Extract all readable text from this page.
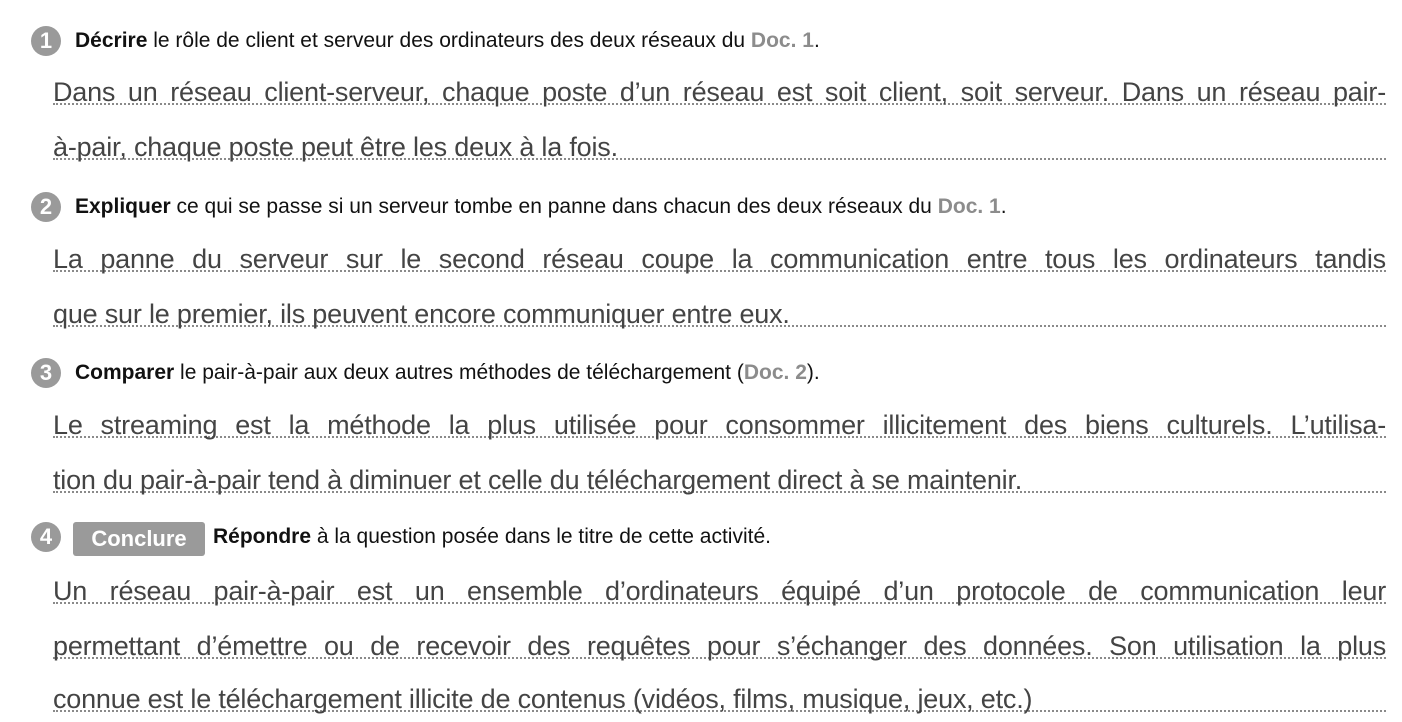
1	Décrire le rôle de client et serveur des ordinateurs des deux réseaux du Doc. 1.
Dans un réseau client-serveur, chaque poste d’un réseau est soit client, soit serveur. Dans un réseau pair-
à-pair, chaque poste peut être les deux à la fois.
2	Expliquer ce qui se passe si un serveur tombe en panne dans chacun des deux réseaux du Doc. 1.
La panne du serveur sur le second réseau coupe la communication entre tous les ordinateurs tandis
que sur le premier, ils peuvent encore communiquer entre eux.
3	Comparer le pair-à-pair aux deux autres méthodes de téléchargement (Doc. 2).
Le streaming est la méthode la plus utilisée pour consommer illicitement des biens culturels. L’utilisa-
tion du pair-à-pair tend à diminuer et celle du téléchargement direct à se maintenir.
4	Conclure	Répondre à la question posée dans le titre de cette activité.
Un réseau pair-à-pair est un ensemble d’ordinateurs équipé d’un protocole de communication leur
permettant d’émettre ou de recevoir des requêtes pour s’échanger des données. Son utilisation la plus
connue est le téléchargement illicite de contenus (vidéos, films, musique, jeux, etc.)
